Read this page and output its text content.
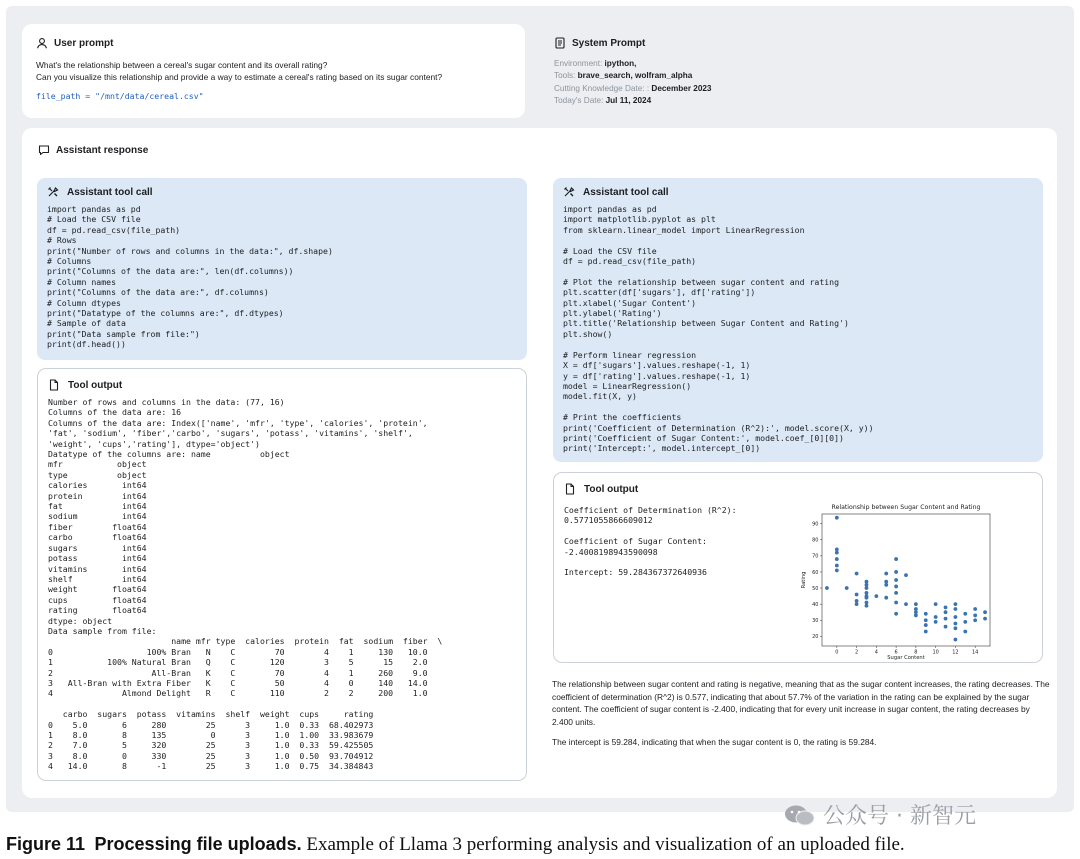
User prompt
What's the relationship between a cereal's sugar content and its overall rating?
Can you visualize this relationship and provide a way to estimate a cereal's rating based on its sugar content?
file_path = "/mnt/data/cereal.csv"
System Prompt
Environment: ipython,
Tools: brave_search, wolfram_alpha
Cutting Knowledge Date: : December 2023
Today's Date: Jul 11, 2024
Assistant response
Assistant tool call
import pandas as pd
# Load the CSV file
df = pd.read_csv(file_path)
# Rows
print("Number of rows and columns in the data:", df.shape)
# Columns
print("Columns of the data are:", len(df.columns))
# Column names
print("Columns of the data are:", df.columns)
# Column dtypes
print("Datatype of the columns are:", df.dtypes)
# Sample of data
print("Data sample from file:")
print(df.head())
Tool output
Number of rows and columns in the data: (77, 16)
Columns of the data are: 16
Columns of the data are: Index(['name', 'mfr', 'type', 'calories', 'protein',
'fat', 'sodium', 'fiber','carbo', 'sugars', 'potass', 'vitamins', 'shelf',
'weight', 'cups','rating'], dtype='object')
Datatype of the columns are: name          object
mfr           object
type          object
calories       int64
protein        int64
fat            int64
sodium         int64
fiber        float64
carbo        float64
sugars         int64
potass         int64
vitamins       int64
shelf          int64
weight       float64
cups         float64
rating       float64
dtype: object
Data sample from file:
name mfr type  calories  protein  fat  sodium  fiber  \
0                   100% Bran   N    C        70        4    1     130   10.0
1           100% Natural Bran   Q    C       120        3    5      15    2.0
2                    All-Bran   K    C        70        4    1     260    9.0
3   All-Bran with Extra Fiber   K    C        50        4    0     140   14.0
4              Almond Delight   R    C       110        2    2     200    1.0

carbo  sugars  potass  vitamins  shelf  weight  cups     rating
0    5.0       6     280        25      3     1.0  0.33  68.402973
1    8.0       8     135         0      3     1.0  1.00  33.983679
2    7.0       5     320        25      3     1.0  0.33  59.425505
3    8.0       0     330        25      3     1.0  0.50  93.704912
4   14.0       8      -1        25      3     1.0  0.75  34.384843
Assistant tool call
import pandas as pd
import matplotlib.pyplot as plt
from sklearn.linear_model import LinearRegression

# Load the CSV file
df = pd.read_csv(file_path)

# Plot the relationship between sugar content and rating
plt.scatter(df['sugars'], df['rating'])
plt.xlabel('Sugar Content')
plt.ylabel('Rating')
plt.title('Relationship between Sugar Content and Rating')
plt.show()

# Perform linear regression
X = df['sugars'].values.reshape(-1, 1)
y = df['rating'].values.reshape(-1, 1)
model = LinearRegression()
model.fit(X, y)

# Print the coefficients
print('Coefficient of Determination (R^2):', model.score(X, y))
print('Coefficient of Sugar Content:', model.coef_[0][0])
print('Intercept:', model.intercept_[0])
Tool output
Coefficient of Determination (R^2):
0.5771055866609012

Coefficient of Sugar Content:
-2.4008198943590098

Intercept: 59.284367372640936
Relationship between Sugar Content and Rating
20
30
40
50
60
70
80
90
0	2	4	6	8	10	12	14
Sugar Content
Rating

The relationship between sugar content and rating is negative, meaning that as the sugar content increases, the rating decreases. The coefficient of determination (R^2) is 0.577, indicating that about 57.7% of the variation in the rating can be explained by the sugar content. The coefficient of sugar content is -2.400, indicating that for every unit increase in sugar content, the rating decreases by 2.400 units.

The intercept is 59.284, indicating that when the sugar content is 0, the rating is 59.284.

公众号 · 新智元
Figure 11 Processing file uploads. Example of Llama 3 performing analysis and visualization of an uploaded file.
